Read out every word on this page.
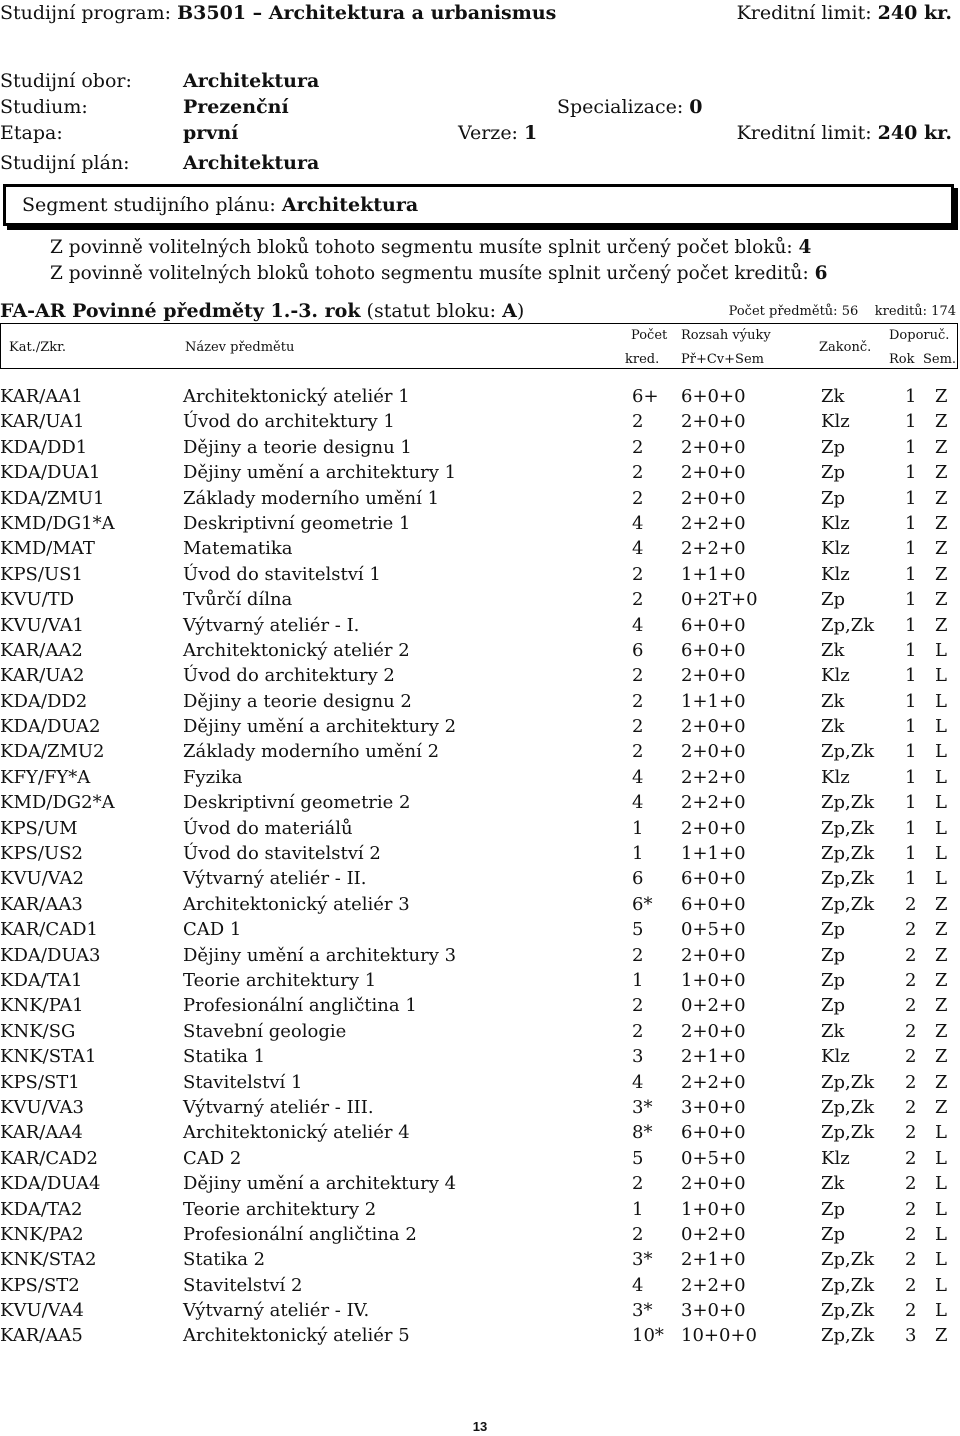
Studijní program: B3501 – Architektura a urbanismus	Kreditní limit: 240 kr.
Studijní obor:	Architektura
Studium:	Prezenční	Specializace: 0
Etapa:	první	Verze: 1	Kreditní limit: 240 kr.
Studijní plán:	Architektura
Segment studijního plánu: Architektura
Z povinně volitelných bloků tohoto segmentu musíte splnit určený počet bloků: 4
Z povinně volitelných bloků tohoto segmentu musíte splnit určený počet kreditů: 6
FA-AR Povinné předměty 1.-3. rok (statut bloku: A)	Počet předmětů: 56 kreditů: 174
Kat./Zkr.	Název předmětu
Počet
kred.
Rozsah výuky
Př+Cv+Sem
Zakonč.
Doporuč.
Rok Sem.
KAR/AA1	Architektonický ateliér 1	6+ 6+0+0	Zk	1 Z
KAR/UA1	Úvod do architektury 1	2 2+0+0	Klz	1 Z
KDA/DD1	Dějiny a teorie designu 1	2 2+0+0	Zp	1 Z
KDA/DUA1	Dějiny umění a architektury 1	2 2+0+0	Zp	1 Z
KDA/ZMU1	Základy moderního umění 1	2 2+0+0	Zp	1 Z
KMD/DG1*A	Deskriptivní geometrie 1	4 2+2+0	Klz	1 Z
KMD/MAT	Matematika	4 2+2+0	Klz	1 Z
KPS/US1	Úvod do stavitelství 1	2 1+1+0	Klz	1 Z
KVU/TD	Tvůrčí dílna	2 0+2T+0	Zp	1 Z
KVU/VA1	Výtvarný ateliér - I.	4 6+0+0	Zp,Zk 1 Z
KAR/AA2	Architektonický ateliér 2	6 6+0+0	Zk	1 L
KAR/UA2	Úvod do architektury 2	2 2+0+0	Klz	1 L
KDA/DD2	Dějiny a teorie designu 2	2 1+1+0	Zk	1 L
KDA/DUA2	Dějiny umění a architektury 2	2 2+0+0	Zk	1 L
KDA/ZMU2	Základy moderního umění 2	2 2+0+0	Zp,Zk 1 L
KFY/FY*A	Fyzika	4 2+2+0	Klz	1 L
KMD/DG2*A	Deskriptivní geometrie 2	4 2+2+0	Zp,Zk 1 L
KPS/UM	Úvod do materiálů	1 2+0+0	Zp,Zk 1 L
KPS/US2	Úvod do stavitelství 2	1 1+1+0	Zp,Zk 1 L
KVU/VA2	Výtvarný ateliér - II.	6 6+0+0	Zp,Zk 1 L
KAR/AA3	Architektonický ateliér 3	6* 6+0+0	Zp,Zk 2 Z
KAR/CAD1	CAD 1	5 0+5+0	Zp	2 Z
KDA/DUA3	Dějiny umění a architektury 3	2 2+0+0	Zp	2 Z
KDA/TA1	Teorie architektury 1	1 1+0+0	Zp	2 Z
KNK/PA1	Profesionální angličtina 1	2 0+2+0	Zp	2 Z
KNK/SG	Stavební geologie	2 2+0+0	Zk	2 Z
KNK/STA1	Statika 1	3 2+1+0	Klz	2 Z
KPS/ST1	Stavitelství 1	4 2+2+0	Zp,Zk 2 Z
KVU/VA3	Výtvarný ateliér - III.	3* 3+0+0	Zp,Zk 2 Z
KAR/AA4	Architektonický ateliér 4	8* 6+0+0	Zp,Zk 2 L
KAR/CAD2	CAD 2	5 0+5+0	Klz	2 L
KDA/DUA4	Dějiny umění a architektury 4	2 2+0+0	Zk	2 L
KDA/TA2	Teorie architektury 2	1 1+0+0	Zp	2 L
KNK/PA2	Profesionální angličtina 2	2 0+2+0	Zp	2 L
KNK/STA2	Statika 2	3* 2+1+0	Zp,Zk 2 L
KPS/ST2	Stavitelství 2	4 2+2+0	Zp,Zk 2 L
KVU/VA4	Výtvarný ateliér - IV.	3* 3+0+0	Zp,Zk 2 L
KAR/AA5	Architektonický ateliér 5	10* 10+0+0	Zp,Zk 3 Z
13
